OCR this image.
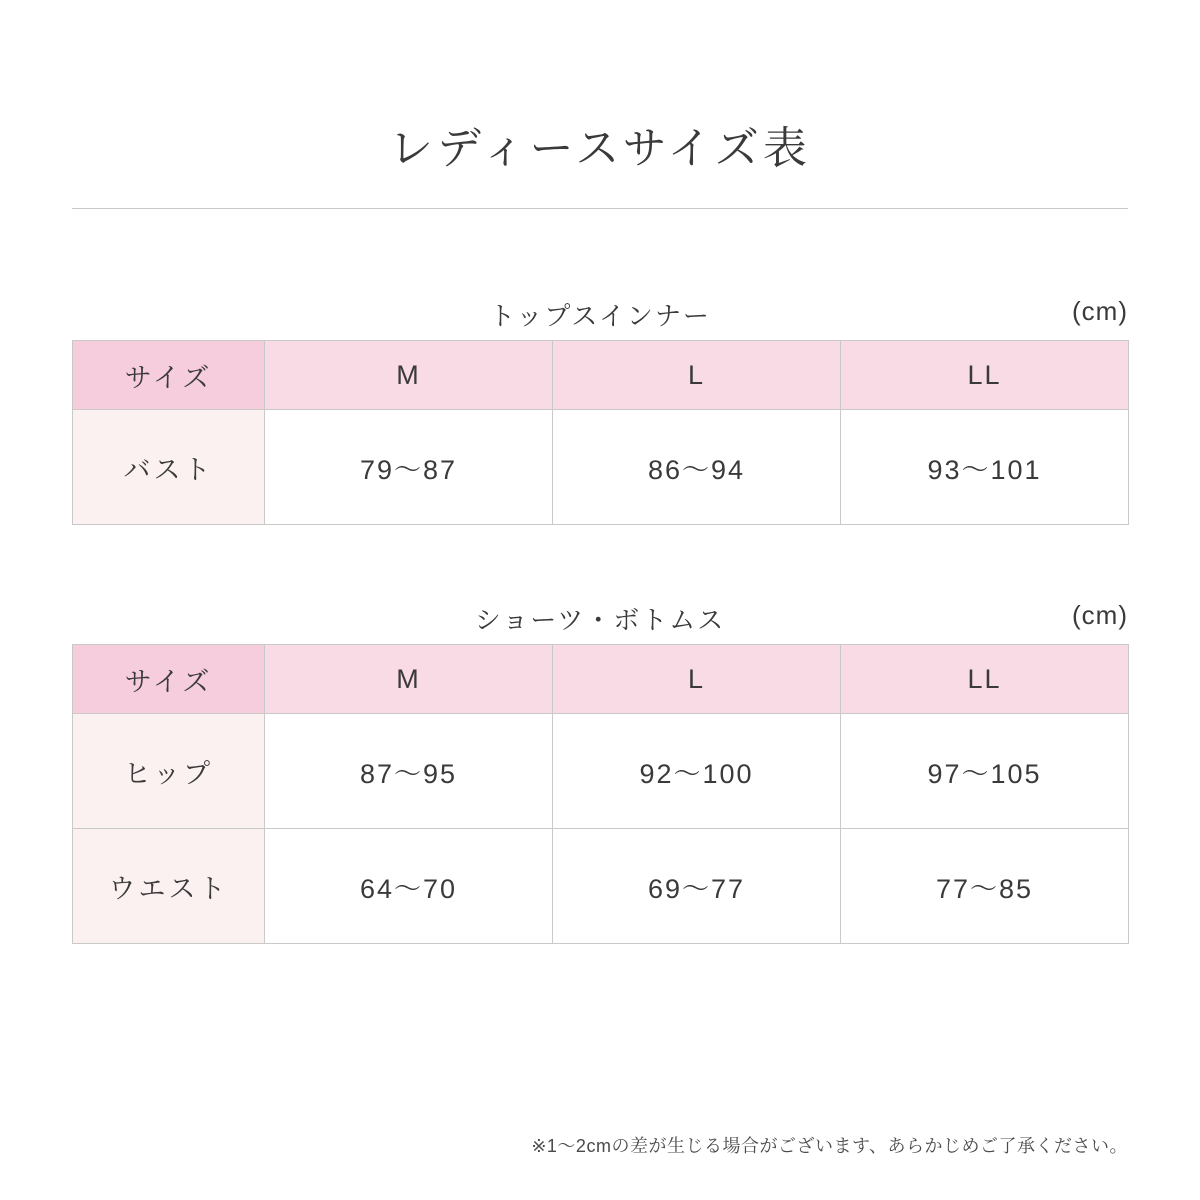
レディースサイズ表
トップスインナー	(cm)
サイズ	M	L	LL
バスト	79〜87	86〜94	93〜101
ショーツ・ボトムス	(cm)
サイズ	M	L	LL
ヒップ	87〜95	92〜100	97〜105
ウエスト	64〜70	69〜77	77〜85
※1〜2cmの差が生じる場合がございます、あらかじめご了承ください。
